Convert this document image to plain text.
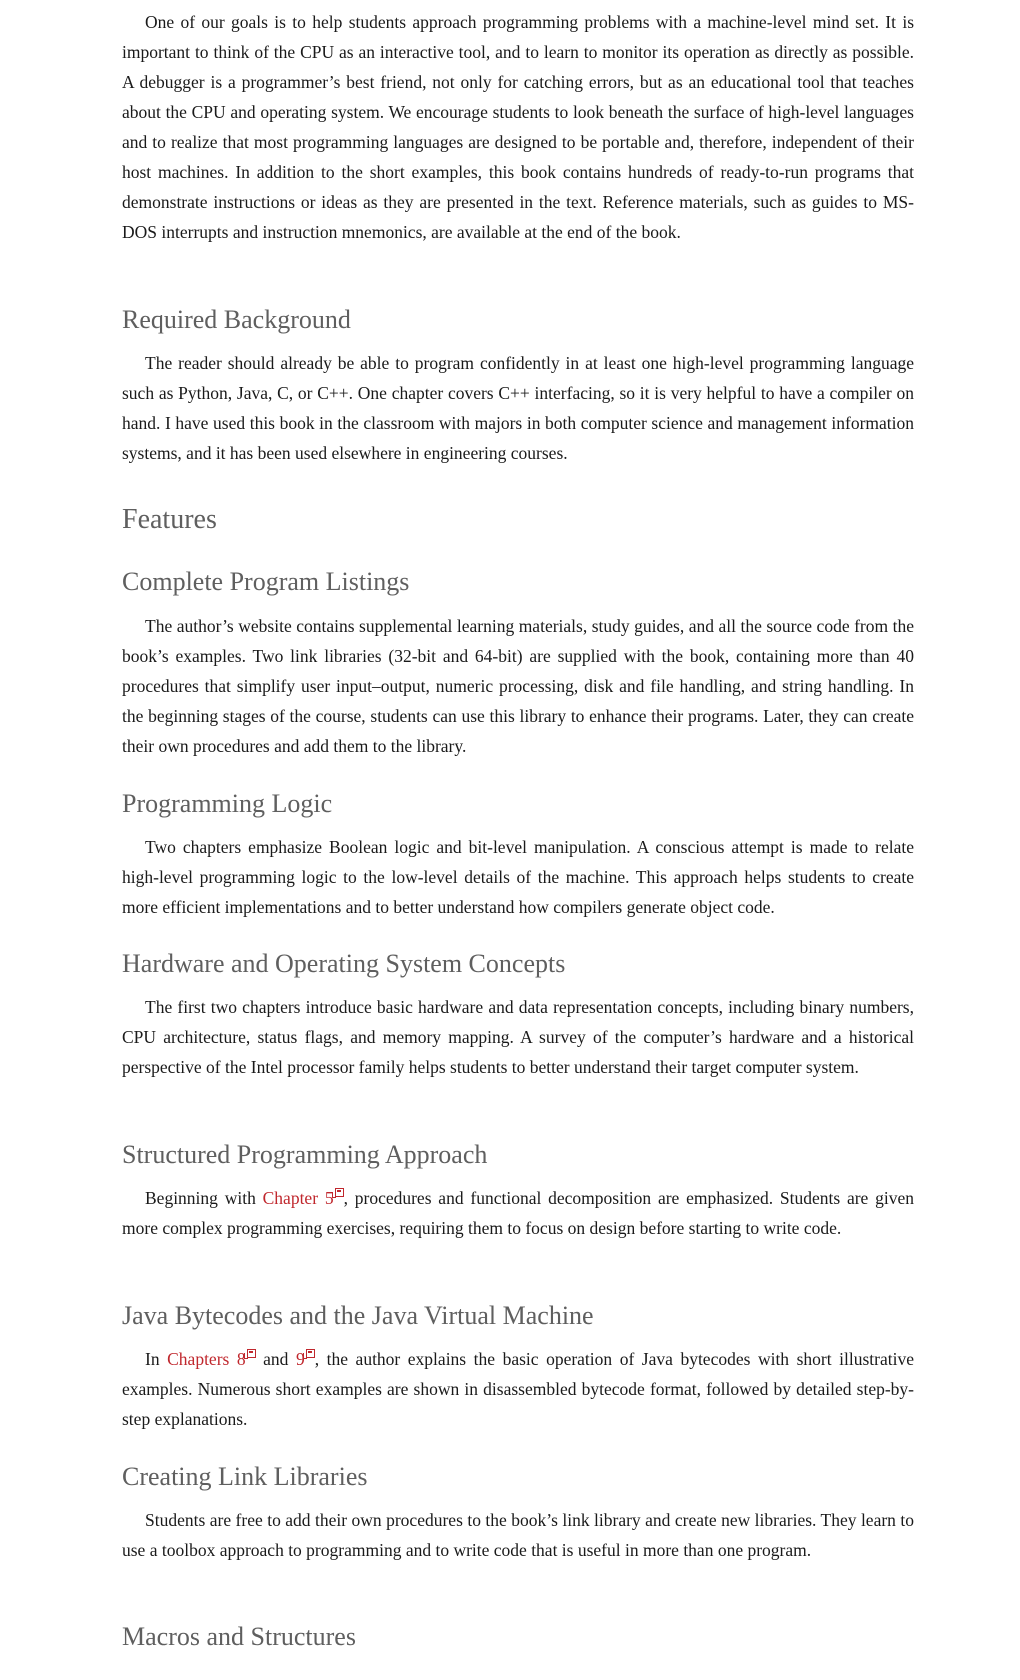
One of our goals is to help students approach programming problems with a machine-level mind set. It is important to think of the CPU as an interactive tool, and to learn to monitor its operation as directly as possible. A debugger is a programmer’s best friend, not only for catching errors, but as an educational tool that teaches about the CPU and operating system. We encourage students to look beneath the surface of high-level languages and to realize that most programming languages are designed to be portable and, therefore, independent of their host machines. In addition to the short examples, this book contains hundreds of ready-to-run programs that demonstrate instructions or ideas as they are presented in the text. Reference materials, such as guides to MS-DOS interrupts and instruction mnemonics, are available at the end of the book.

Required Background

The reader should already be able to program confidently in at least one high-level programming language such as Python, Java, C, or C++. One chapter covers C++ interfacing, so it is very helpful to have a compiler on hand. I have used this book in the classroom with majors in both computer science and management information systems, and it has been used elsewhere in engineering courses.

Features
Complete Program Listings

The author’s website contains supplemental learning materials, study guides, and all the source code from the book’s examples. Two link libraries (32-bit and 64-bit) are supplied with the book, containing more than 40 procedures that simplify user input–output, numeric processing, disk and file handling, and string handling. In the beginning stages of the course, students can use this library to enhance their programs. Later, they can create their own procedures and add them to the library.

Programming Logic

Two chapters emphasize Boolean logic and bit-level manipulation. A conscious attempt is made to relate high-level programming logic to the low-level details of the machine. This approach helps students to create more efficient implementations and to better understand how compilers generate object code.

Hardware and Operating System Concepts

The first two chapters introduce basic hardware and data representation concepts, including binary numbers, CPU architecture, status flags, and memory mapping. A survey of the computer’s hardware and a historical perspective of the Intel processor family helps students to better understand their target computer system.

Structured Programming Approach

Beginning with Chapter 5 , procedures and functional decomposition are emphasized. Students are given more complex programming exercises, requiring them to focus on design before starting to write code.

Java Bytecodes and the Java Virtual Machine

In Chapters 8 and 9 , the author explains the basic operation of Java bytecodes with short illustrative examples. Numerous short examples are shown in disassembled bytecode format, followed by detailed step-by-step explanations.

Creating Link Libraries

Students are free to add their own procedures to the book’s link library and create new libraries. They learn to use a toolbox approach to programming and to write code that is useful in more than one program.

Macros and Structures
